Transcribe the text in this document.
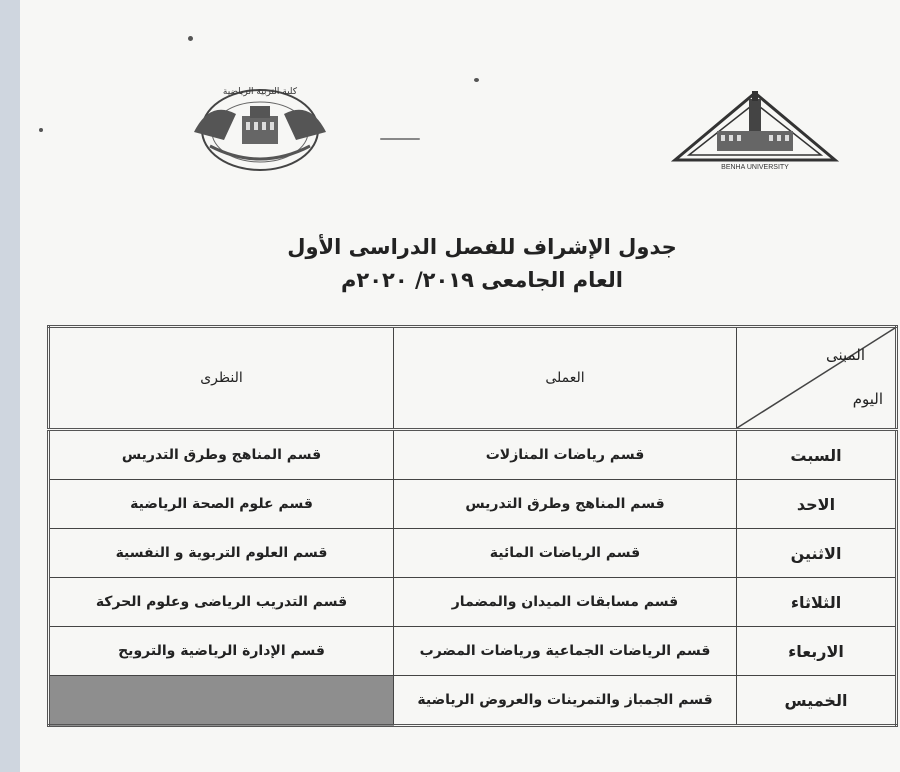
BENHA UNIVERSITY
كلية التربية الرياضية
جدول الإشراف للفصل الدراسى الأول
العام الجامعى ٢٠١٩/ ٢٠٢٠م
المبنى
اليوم	العملى	النظرى
السبت	قسم رياضات المنازلات	قسم المناهج وطرق التدريس
الاحد	قسم المناهج وطرق التدريس	قسم علوم الصحة الرياضية
الاثنين	قسم الرياضات المائية	قسم العلوم التربوية و النفسية
الثلاثاء	قسم مسابقات الميدان والمضمار	قسم التدريب الرياضى وعلوم الحركة
الاربعاء	قسم الرياضات الجماعية ورياضات المضرب	قسم الإدارة الرياضية والترويح
الخميس	قسم الجمباز والتمرينات والعروض الرياضية	
